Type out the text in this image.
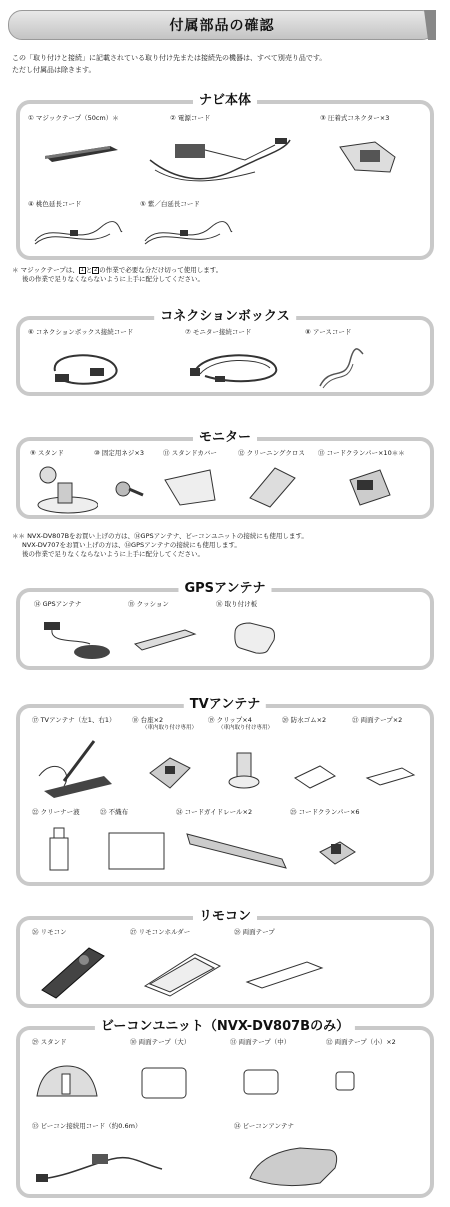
付属部品の確認
この「取り付けと接続」に記載されている取り付け先または接続先の機器は、すべて別売り品です。
ただし付属品は除きます。
ナビ本体
① マジックテープ（50cm）＊	② 電源コード	③ 圧着式コネクター×3
④ 桃色延長コード	⑤ 紫／白延長コード
＊ マジックテープは、 1 と 2 の作業で必要な分だけ切って使用します。
後の作業で足りなくならないように上手に配分してください。
コネクションボックス
⑥ コネクションボックス接続コード	⑦ モニター接続コード	⑧ アースコード
モニター
⑨ スタンド	⑩ 固定用ネジ×3	⑪ スタンドカバー	⑫ クリーニングクロス ⑬ コードクランパー×10＊＊
＊＊ NVX-DV807Bをお買い上げの方は、⑭GPSアンテナ、ビーコンユニットの接続にも使用します。
NVX-DV707をお買い上げの方は、⑭GPSアンテナの接続にも使用します。
後の作業で足りなくならないように上手に配分してください。
GPSアンテナ
⑭ GPSアンテナ	⑮ クッション	⑯ 取り付け板
TVアンテナ
⑰ TVアンテナ（左1、右1）	⑱ 台座×2
（車内取り付け専用）
⑲ クリップ×4
（車内取り付け専用）
⑳ 防水ゴム×2	㉑ 両面テープ×2
㉒ クリーナー液	㉓ 不織布	㉔ コードガイドレール×2	㉕ コードクランパー×6
リモコン
㉖ リモコン	㉗ リモコンホルダー	㉘ 両面テープ
ビーコンユニット（NVX-DV807Bのみ）
㉙ スタンド	㉚ 両面テープ（大）	㉛ 両面テープ（中）	㉜ 両面テープ（小）×2
㉝ ビーコン接続用コード（約0.6m）	㉞ ビーコンアンテナ
